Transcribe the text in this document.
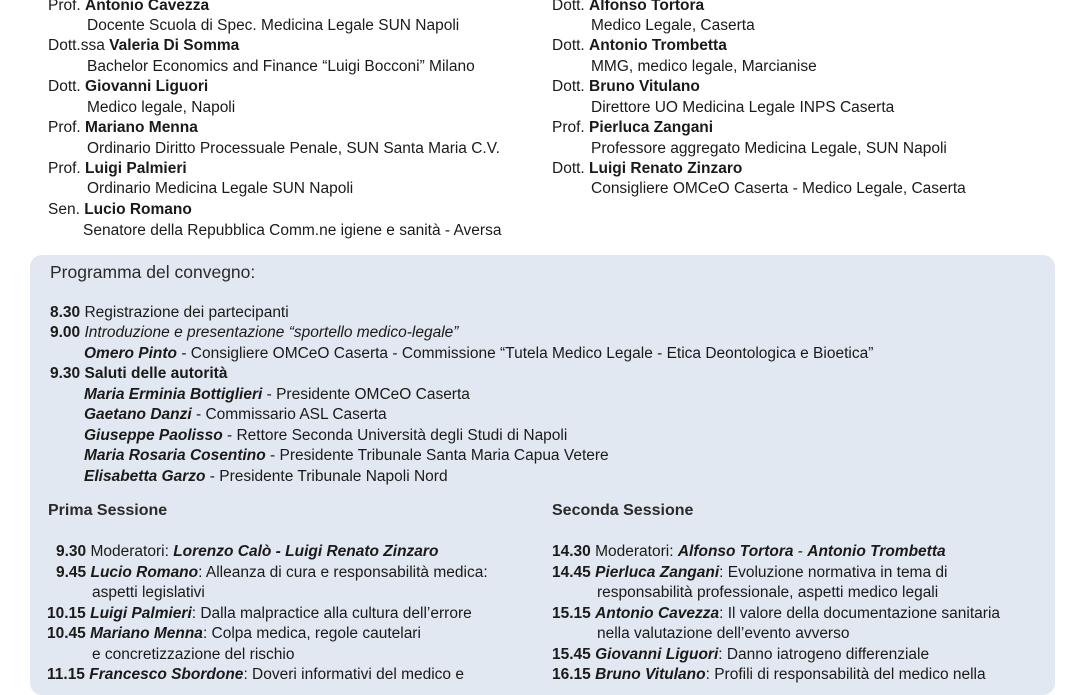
Prof. Antonio Cavezza
Docente Scuola di Spec. Medicina Legale SUN Napoli
Dott.ssa Valeria Di Somma
Bachelor Economics and Finance “Luigi Bocconi” Milano
Dott. Giovanni Liguori
Medico legale, Napoli
Prof. Mariano Menna
Ordinario Diritto Processuale Penale, SUN Santa Maria C.V.
Prof. Luigi Palmieri
Ordinario Medicina Legale SUN Napoli
Sen. Lucio Romano
Senatore della Repubblica Comm.ne igiene e sanità - Aversa
Dott. Alfonso Tortora
Medico Legale, Caserta
Dott. Antonio Trombetta
MMG, medico legale, Marcianise
Dott. Bruno Vitulano
Direttore UO Medicina Legale INPS Caserta
Prof. Pierluca Zangani
Professore aggregato Medicina Legale, SUN Napoli
Dott. Luigi Renato Zinzaro
Consigliere OMCeO Caserta - Medico Legale, Caserta
Programma del convegno:
8.30 Registrazione dei partecipanti
9.00 Introduzione e presentazione “sportello medico-legale”
Omero Pinto - Consigliere OMCeO Caserta - Commissione “Tutela Medico Legale - Etica Deontologica e Bioetica”
9.30 Saluti delle autorità
Maria Erminia Bottiglieri - Presidente OMCeO Caserta
Gaetano Danzi - Commissario ASL Caserta
Giuseppe Paolisso - Rettore Seconda Università degli Studi di Napoli
Maria Rosaria Cosentino - Presidente Tribunale Santa Maria Capua Vetere
Elisabetta Garzo - Presidente Tribunale Napoli Nord
Prima Sessione
9.30 Moderatori: Lorenzo Calò - Luigi Renato Zinzaro
9.45 Lucio Romano: Alleanza di cura e responsabilità medica:
aspetti legislativi
10.15 Luigi Palmieri: Dalla malpractice alla cultura dell’errore
10.45 Mariano Menna: Colpa medica, regole cautelari
e concretizzazione del rischio
11.15 Francesco Sbordone: Doveri informativi del medico e
Seconda Sessione
14.30 Moderatori: Alfonso Tortora - Antonio Trombetta
14.45 Pierluca Zangani: Evoluzione normativa in tema di
responsabilità professionale, aspetti medico legali
15.15 Antonio Cavezza: Il valore della documentazione sanitaria
nella valutazione dell’evento avverso
15.45 Giovanni Liguori: Danno iatrogeno differenziale
16.15 Bruno Vitulano: Profili di responsabilità del medico nella
